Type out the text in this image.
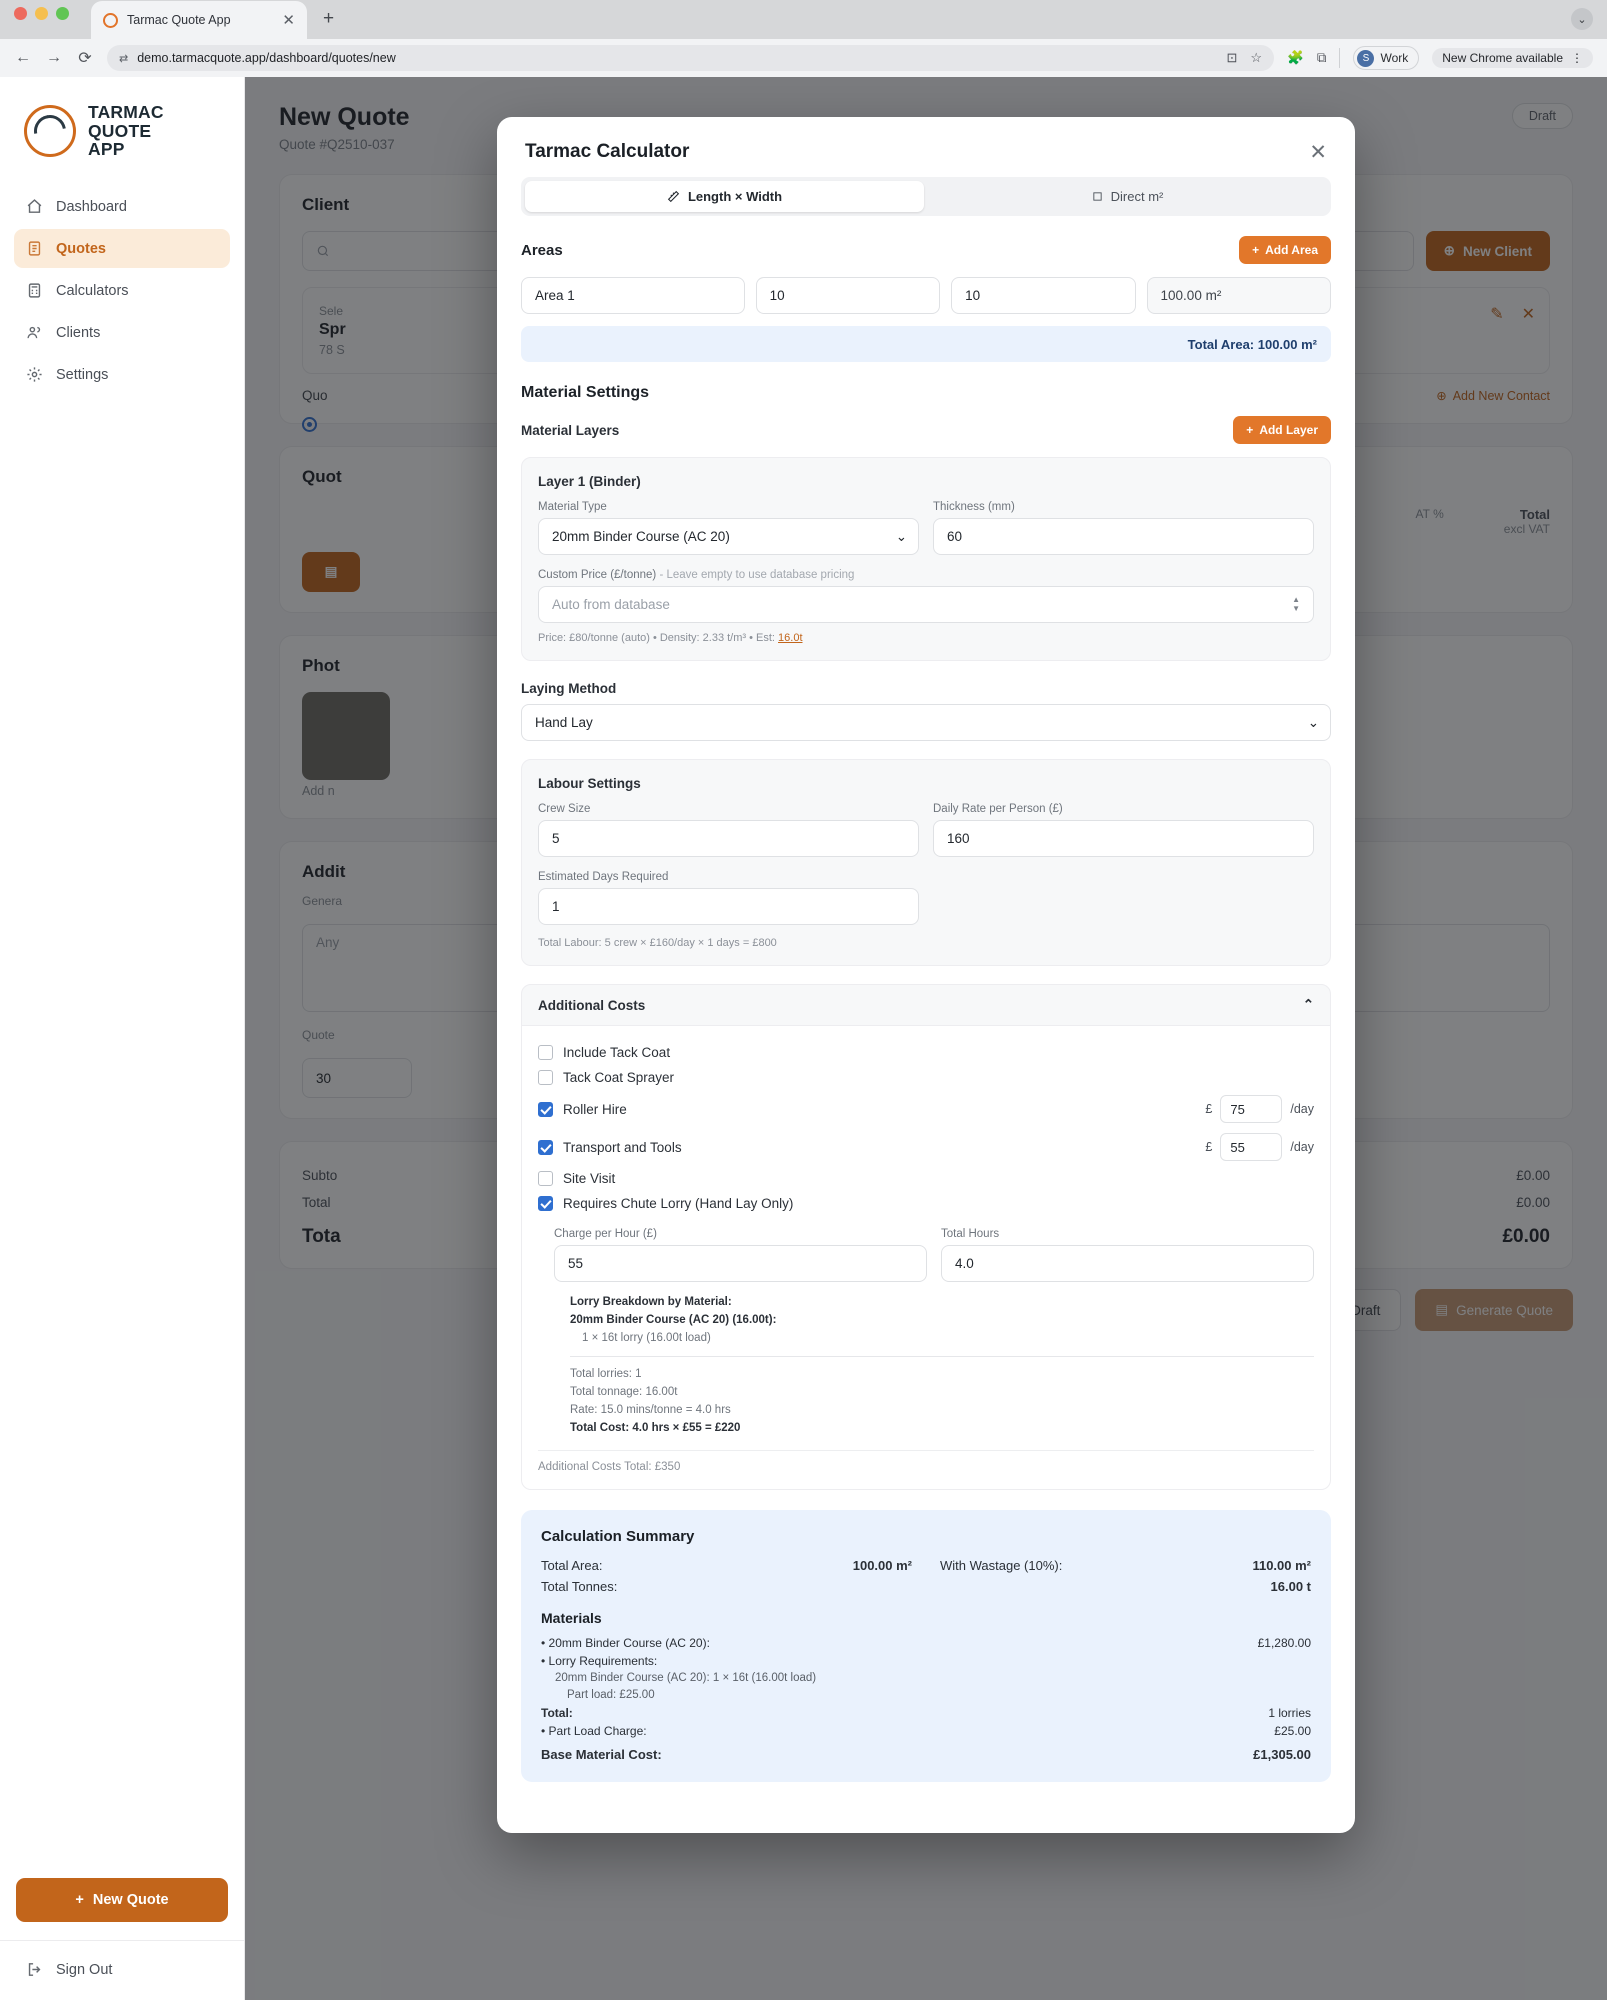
Tarmac Quote App	✕ +	⌄
← → ⟳ ⇄ demo.tarmacquote.app/dashboard/quotes/new	⊡ ☆ 🧩 ⧉	S Work	New Chrome available ⋮
TARMAC
QUOTE
APP
Dashboard
Quotes
Calculators
Clients
Settings
+ New Quote
Sign Out
Tarmac Calculator	✕
Length × Width	Direct m²
Areas	+ Add Area
Area 1	10	10	100.00 m²
Total Area: 100.00 m²
Material Settings
Material Layers	+ Add Layer
Layer 1 (Binder)
Material Type
20mm Binder Course (AC 20)	⌄
Thickness (mm)
60
Custom Price (£/tonne) - Leave empty to use database pricing
Auto from database	▲
▼
Price: £80/tonne (auto) • Density: 2.33 t/m³ • Est: 16.0t
Laying Method
Hand Lay	⌄
Labour Settings
Crew Size
5
Daily Rate per Person (£)
160
Estimated Days Required
1
Total Labour: 5 crew × £160/day × 1 days = £800
Additional Costs	⌃
Include Tack Coat
Tack Coat Sprayer
Roller Hire	£	75	/day
Transport and Tools	£	55	/day
Site Visit
Requires Chute Lorry (Hand Lay Only)
Charge per Hour (£)
55
Total Hours
4.0
Lorry Breakdown by Material:
20mm Binder Course (AC 20) (16.00t):
1 × 16t lorry (16.00t load)
Total lorries: 1
Total tonnage: 16.00t
Rate: 15.0 mins/tonne = 4.0 hrs
Total Cost: 4.0 hrs × £55 = £220
Additional Costs Total: £350
Calculation Summary
Total Area:	100.00 m² With Wastage (10%):	110.00 m²
Total Tonnes:	16.00 t
Materials
• 20mm Binder Course (AC 20):	£1,280.00
• Lorry Requirements:
20mm Binder Course (AC 20): 1 × 16t (16.00t load)
Part load: £25.00
Total:	1 lorries
• Part Load Charge:	£25.00
Base Material Cost:	£1,305.00
